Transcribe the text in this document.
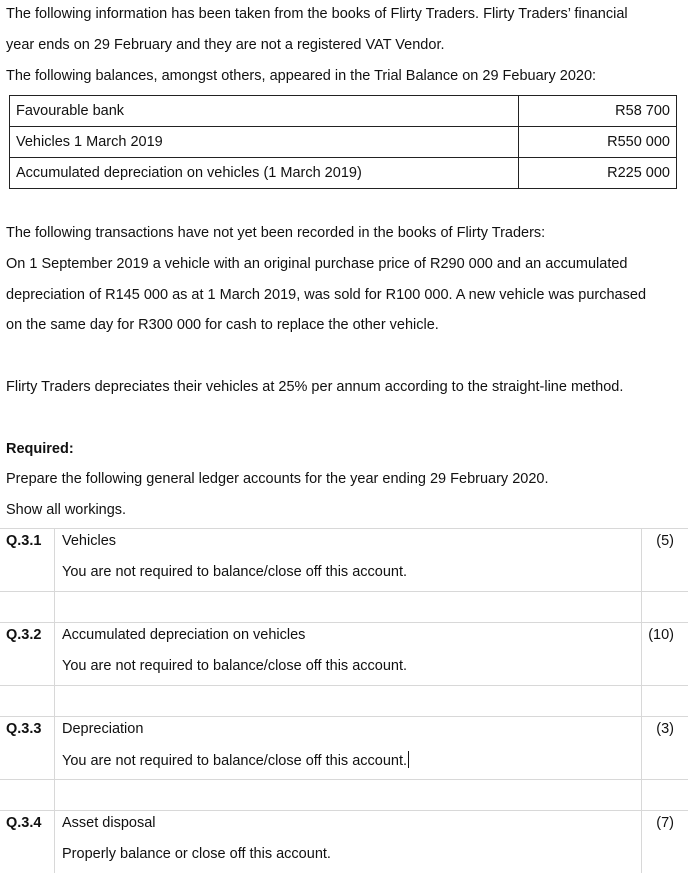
The following information has been taken from the books of Flirty Traders. Flirty Traders’ financial
year ends on 29 February and they are not a registered VAT Vendor.
The following balances, amongst others, appeared in the Trial Balance on 29 Febuary 2020:
Favourable bank	R58 700
Vehicles 1 March 2019	R550 000
Accumulated depreciation on vehicles (1 March 2019)	R225 000
The following transactions have not yet been recorded in the books of Flirty Traders:
On 1 September 2019 a vehicle with an original purchase price of R290 000 and an accumulated
depreciation of R145 000 as at 1 March 2019, was sold for R100 000. A new vehicle was purchased
on the same day for R300 000 for cash to replace the other vehicle.
Flirty Traders depreciates their vehicles at 25% per annum according to the straight-line method.
Required:
Prepare the following general ledger accounts for the year ending 29 February 2020.
Show all workings.
Q.3.1 Vehicles	(5)
You are not required to balance/close off this account.
Q.3.2 Accumulated depreciation on vehicles	(10)
You are not required to balance/close off this account.
Q.3.3 Depreciation	(3)
You are not required to balance/close off this account.
Q.3.4 Asset disposal	(7)
Properly balance or close off this account.
